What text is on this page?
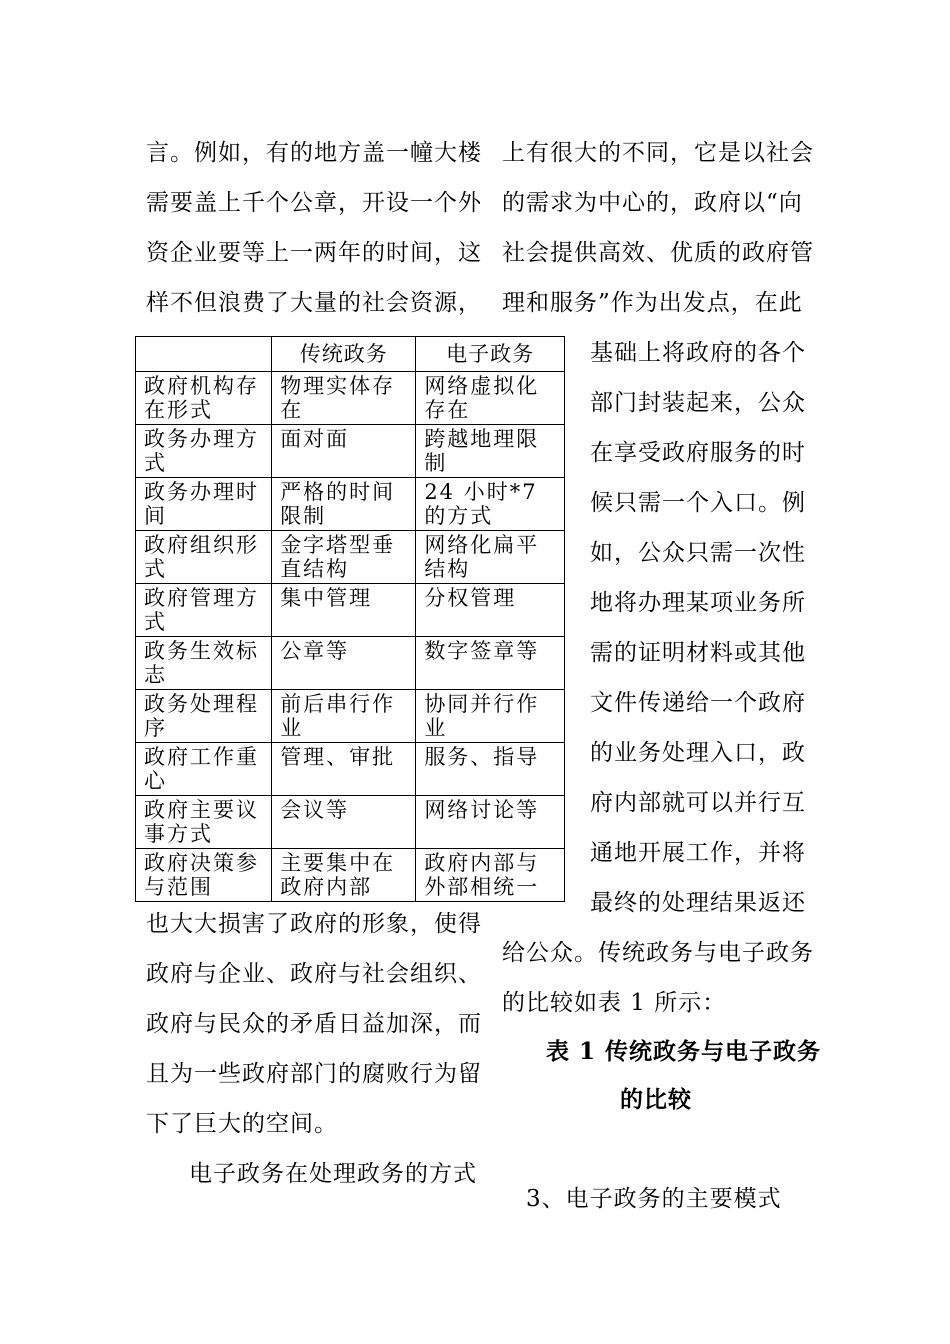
言。例如，有的地方盖一幢大楼
需要盖上千个公章，开设一个外
资企业要等上一两年的时间，这
样不但浪费了大量的社会资源，
上有很大的不同，它是以社会
的需求为中心的，政府以“向
社会提供高效、优质的政府管
理和服务”作为出发点，在此
	传统政务	电子政务
政府机构存在形式	物理实体存在	网络虚拟化存在
政务办理方式	面对面	跨越地理限制
政务办理时间	严格的时间限制	24 小时*7 的方式
政府组织形式	金字塔型垂直结构	网络化扁平结构
政府管理方式	集中管理	分权管理
政务生效标志	公章等	数字签章等
政务处理程序	前后串行作业	协同并行作业
政府工作重心	管理、审批	服务、指导
政府主要议事方式	会议等	网络讨论等
政府决策参与范围	主要集中在政府内部	政府内部与外部相统一
基础上将政府的各个
部门封装起来，公众
在享受政府服务的时
候只需一个入口。例
如，公众只需一次性
地将办理某项业务所
需的证明材料或其他
文件传递给一个政府
的业务处理入口，政
府内部就可以并行互
通地开展工作，并将
最终的处理结果返还
也大大损害了政府的形象，使得
政府与企业、政府与社会组织、
政府与民众的矛盾日益加深，而
且为一些政府部门的腐败行为留
下了巨大的空间。
电子政务在处理政务的方式
给公众。传统政务与电子政务
的比较如表 1 所示：
表 1 传统政务与电子政务
的比较
3、电子政务的主要模式
